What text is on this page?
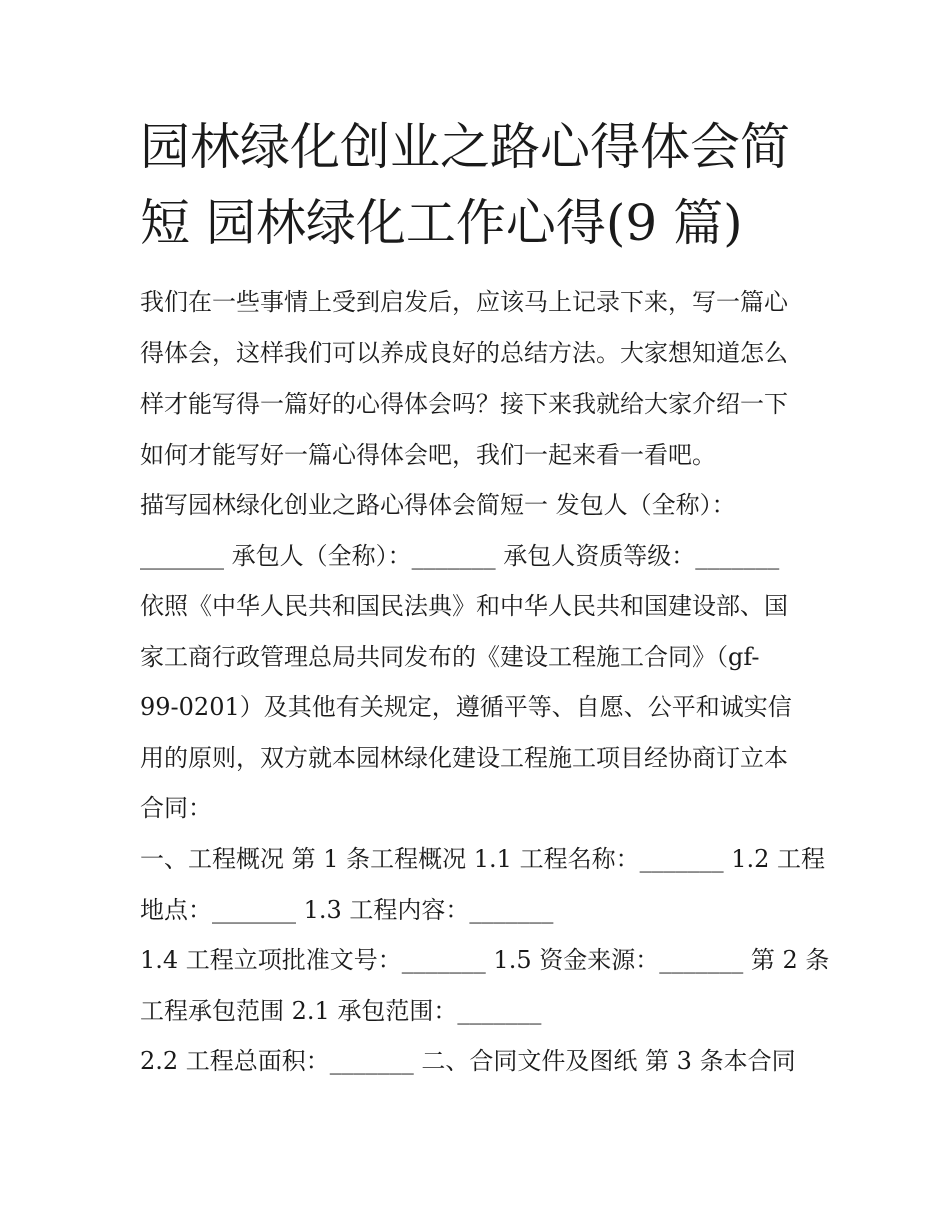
园林绿化创业之路心得体会简
短 园林绿化工作心得(9 篇)
我们在一些事情上受到启发后，应该马上记录下来，写一篇心
得体会，这样我们可以养成良好的总结方法。大家想知道怎么
样才能写得一篇好的心得体会吗？接下来我就给大家介绍一下
如何才能写好一篇心得体会吧，我们一起来看一看吧。
描写园林绿化创业之路心得体会简短一 发包人（全称）：
_______ 承包人（全称）：_______ 承包人资质等级：_______
依照《中华人民共和国民法典》和中华人民共和国建设部、国
家工商行政管理总局共同发布的《建设工程施工合同》（gf-
99-0201）及其他有关规定，遵循平等、自愿、公平和诚实信
用的原则，双方就本园林绿化建设工程施工项目经协商订立本
合同：
一、工程概况 第 1 条工程概况 1.1 工程名称：_______ 1.2 工程
地点：_______ 1.3 工程内容：_______
1.4 工程立项批准文号：_______ 1.5 资金来源：_______ 第 2 条
工程承包范围 2.1 承包范围：_______
2.2 工程总面积：_______ 二、合同文件及图纸 第 3 条本合同
